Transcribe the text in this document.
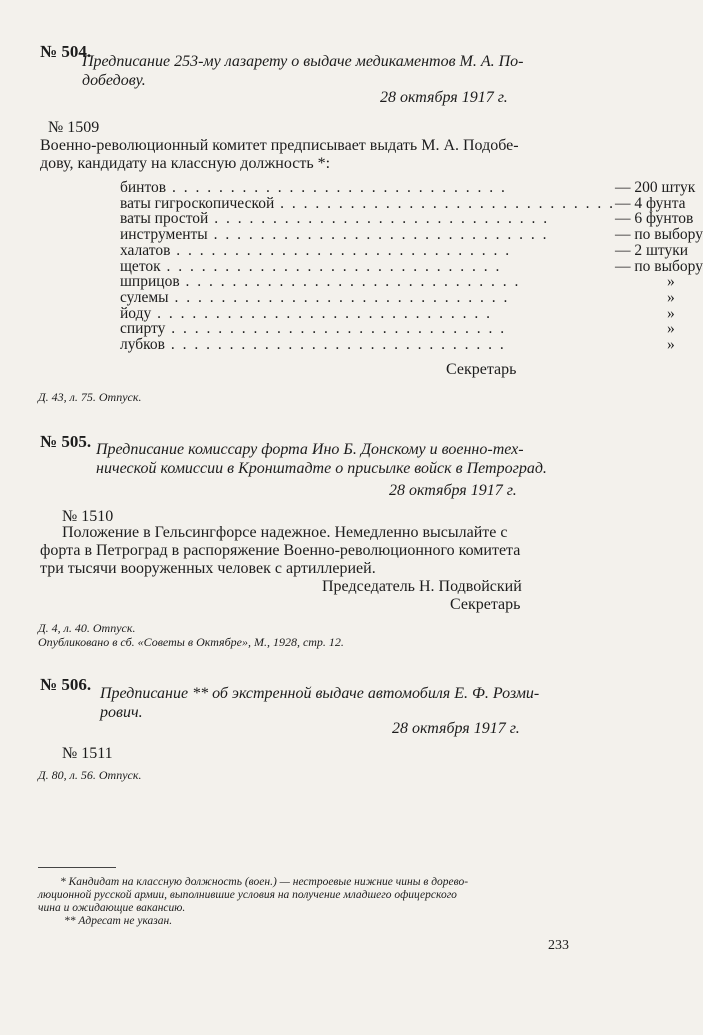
№ 504.
Предписание 253-му лазарету о выдаче медикаментов М. А. По-
добедову.
28 октября 1917 г.
№ 1509
Военно-революционный комитет предписывает выдать М. А. Подобе-
дову, кандидату на классную должность *:
бинтов . . .	— 200 штук
ваты гигроскопической . . .	— 4 фунта
ваты простой . . .	— 6 фунтов
инструменты . . .	— по выбору
халатов . . .	— 2 штуки
щеток . . .	— по выбору
шприцов . . .	»
сулемы . . .	»
йоду . . .	»
спирту . . .	»
лубков . . .	»
Секретарь
Д. 43, л. 75. Отпуск.
№ 505. Предписание комиссару форта Ино Б. Донскому и военно-тех-
нической комиссии в Кронштадте о присылке войск в Петроград.
28 октября 1917 г.
№ 1510
Положение в Гельсингфорсе надежное. Немедленно высылайте с
форта в Петроград в распоряжение Военно-революционного комитета
три тысячи вооруженных человек с артиллерией.
Председатель Н. Подвойский
Секретарь
Д. 4, л. 40. Отпуск.
Опубликовано в сб. «Советы в Октябре», М., 1928, стр. 12.
№ 506. Предписание ** об экстренной выдаче автомобиля Е. Ф. Розми-
рович.
28 октября 1917 г.
№ 1511
Д. 80, л. 56. Отпуск.
* Кандидат на классную должность (воен.) — нестроевые нижние чины в дорево-
люционной русской армии, выполнившие условия на получение младшего офицерского
чина и ожидающие вакансию.
** Адресат не указан.
233
